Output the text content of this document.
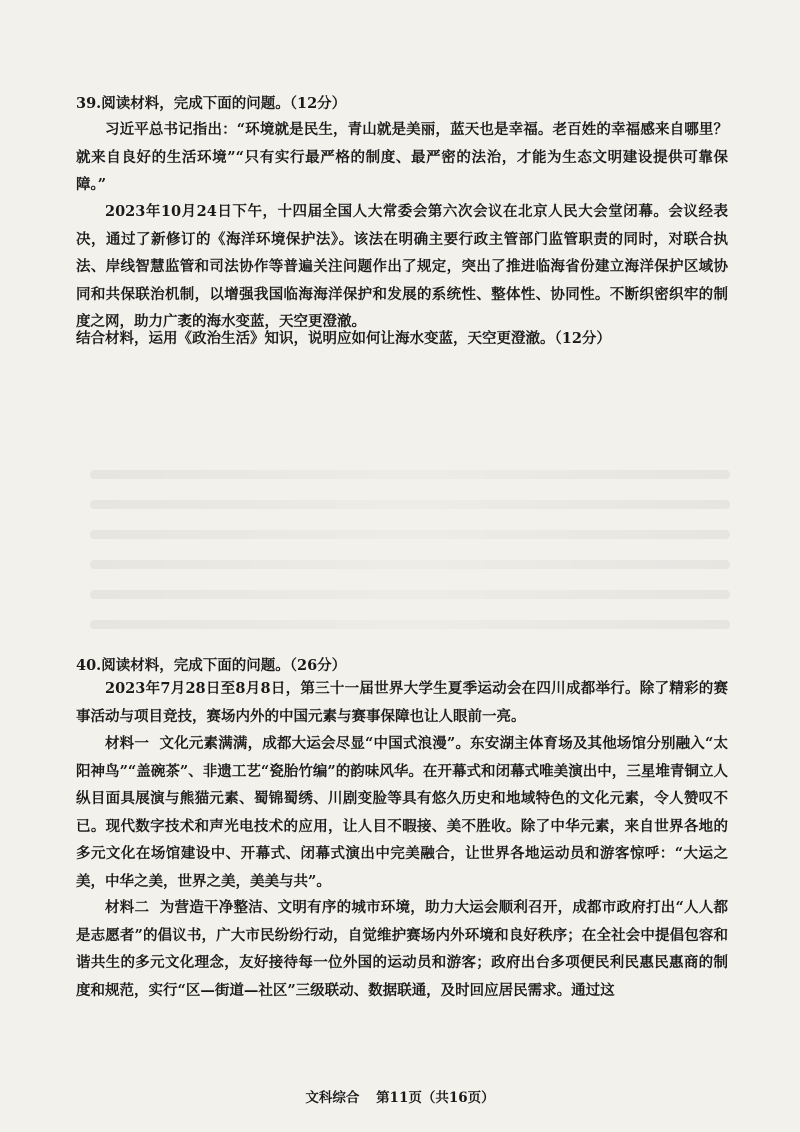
39.阅读材料，完成下面的问题。（12分）

习近平总书记指出：“环境就是民生，青山就是美丽，蓝天也是幸福。老百姓的幸福感来自哪里？就来自良好的生活环境”“只有实行最严格的制度、最严密的法治，才能为生态文明建设提供可靠保障。”

2023年10月24日下午，十四届全国人大常委会第六次会议在北京人民大会堂闭幕。会议经表决，通过了新修订的《海洋环境保护法》。该法在明确主要行政主管部门监管职责的同时，对联合执法、岸线智慧监管和司法协作等普遍关注问题作出了规定，突出了推进临海省份建立海洋保护区域协同和共保联治机制，以增强我国临海海洋保护和发展的系统性、整体性、协同性。不断织密织牢的制度之网，助力广袤的海水变蓝，天空更澄澈。

结合材料，运用《政治生活》知识，说明应如何让海水变蓝，天空更澄澈。（12分）
40.阅读材料，完成下面的问题。（26分）

2023年7月28日至8月8日，第三十一届世界大学生夏季运动会在四川成都举行。除了精彩的赛事活动与项目竞技，赛场内外的中国元素与赛事保障也让人眼前一亮。

材料一 文化元素满满，成都大运会尽显“中国式浪漫”。东安湖主体育场及其他场馆分别融入“太阳神鸟”“盖碗茶”、非遗工艺“瓷胎竹编”的韵味风华。在开幕式和闭幕式唯美演出中，三星堆青铜立人纵目面具展演与熊猫元素、蜀锦蜀绣、川剧变脸等具有悠久历史和地域特色的文化元素，令人赞叹不已。现代数字技术和声光电技术的应用，让人目不暇接、美不胜收。除了中华元素，来自世界各地的多元文化在场馆建设中、开幕式、闭幕式演出中完美融合，让世界各地运动员和游客惊呼：“大运之美，中华之美，世界之美，美美与共”。

材料二 为营造干净整洁、文明有序的城市环境，助力大运会顺利召开，成都市政府打出“人人都是志愿者”的倡议书，广大市民纷纷行动，自觉维护赛场内外环境和良好秩序；在全社会中提倡包容和谐共生的多元文化理念，友好接待每一位外国的运动员和游客；政府出台多项便民利民惠民惠商的制度和规范，实行“区—街道—社区”三级联动、数据联通，及时回应居民需求。通过这

文科综合 第11页（共16页）
